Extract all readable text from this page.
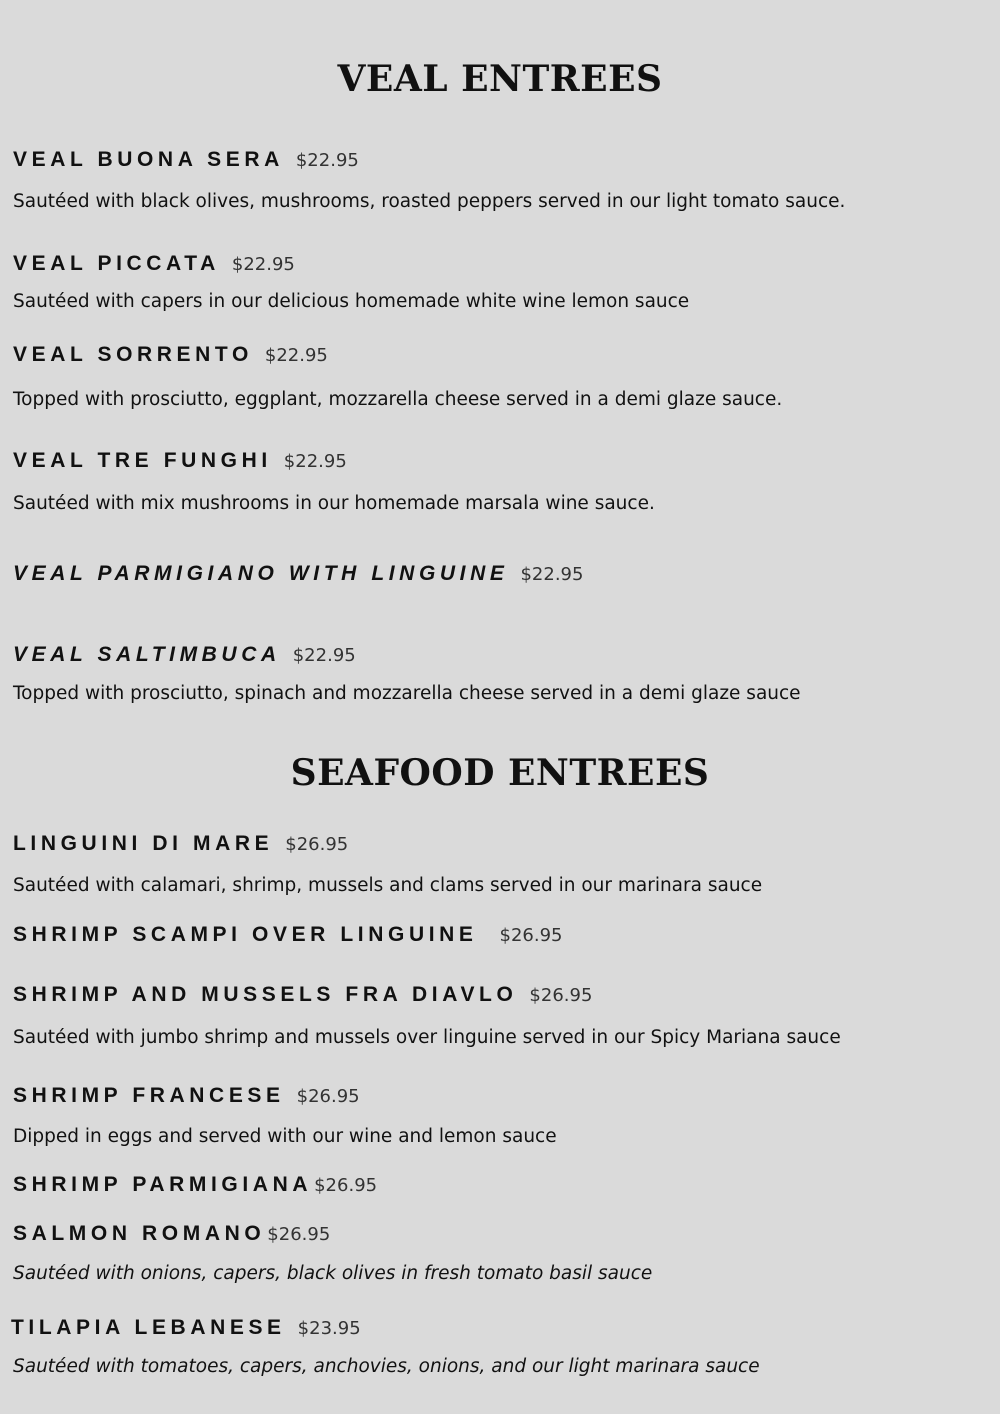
VEAL ENTREES
VEAL BUONA SERA $22.95
Sautéed with black olives, mushrooms, roasted peppers served in our light tomato sauce.
VEAL PICCATA $22.95
Sautéed with capers in our delicious homemade white wine lemon sauce
VEAL SORRENTO $22.95
Topped with prosciutto, eggplant, mozzarella cheese served in a demi glaze sauce.
VEAL TRE FUNGHI $22.95
Sautéed with mix mushrooms in our homemade marsala wine sauce.
VEAL PARMIGIANO WITH LINGUINE $22.95
VEAL SALTIMBUCA $22.95
Topped with prosciutto, spinach and mozzarella cheese served in a demi glaze sauce
SEAFOOD ENTREES
LINGUINI DI MARE $26.95
Sautéed with calamari, shrimp, mussels and clams served in our marinara sauce
SHRIMP SCAMPI OVER LINGUINE $26.95
SHRIMP AND MUSSELS FRA DIAVLO $26.95
Sautéed with jumbo shrimp and mussels over linguine served in our Spicy Mariana sauce
SHRIMP FRANCESE $26.95
Dipped in eggs and served with our wine and lemon sauce
SHRIMP PARMIGIANA $26.95
SALMON ROMANO $26.95
Sautéed with onions, capers, black olives in fresh tomato basil sauce
TILAPIA LEBANESE $23.95
Sautéed with tomatoes, capers, anchovies, onions, and our light marinara sauce
